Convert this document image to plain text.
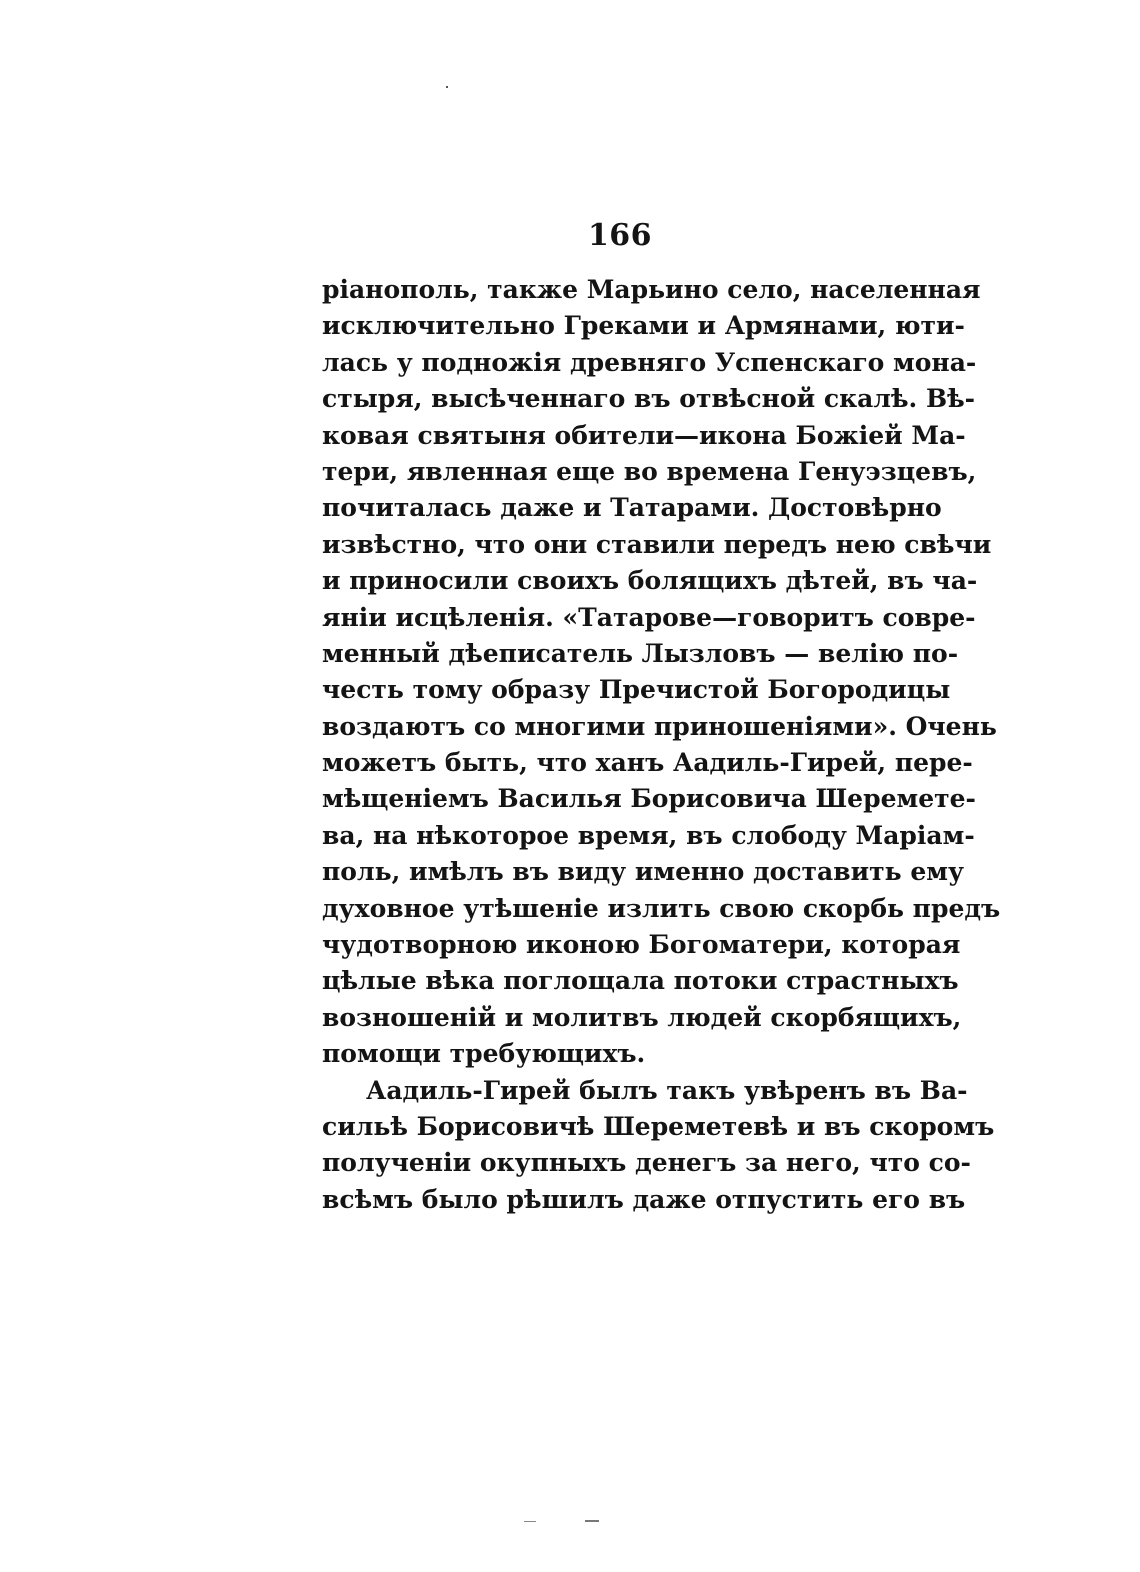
166
ріанополь, также Марьино село, населенная
исключительно Греками и Армянами, юти-
лась у подножія древняго Успенскаго мона-
стыря, высѣченнаго въ отвѣсной скалѣ. Вѣ-
ковая святыня обители—икона Божіей Ма-
тери, явленная еще во времена Генуэзцевъ,
почиталась даже и Татарами. Достовѣрно
извѣстно, что они ставили передъ нею свѣчи
и приносили своихъ болящихъ дѣтей, въ ча-
яніи исцѣленія. «Татарове—говоритъ совре-
менный дѣеписатель Лызловъ — велію по-
честь тому образу Пречистой Богородицы
воздаютъ со многими приношеніями». Очень
можетъ быть, что ханъ Аадиль-Гирей, пере-
мѣщеніемъ Василья Борисовича Шереметe-
ва, на нѣкоторое время, въ слободу Маріам-
поль, имѣлъ въ виду именно доставить ему
духовное утѣшеніе излить свою скорбь предъ
чудотворною иконою Богоматери, которая
цѣлые вѣка поглощала потоки страстныхъ
возношеній и молитвъ людей скорбящихъ,
помощи требующихъ.
Аадиль-Гирей былъ такъ увѣренъ въ Ва-
сильѣ Борисовичѣ Шереметевѣ и въ скоромъ
полученіи окупныхъ денегъ за него, что со-
всѣмъ было рѣшилъ даже отпустить его въ
